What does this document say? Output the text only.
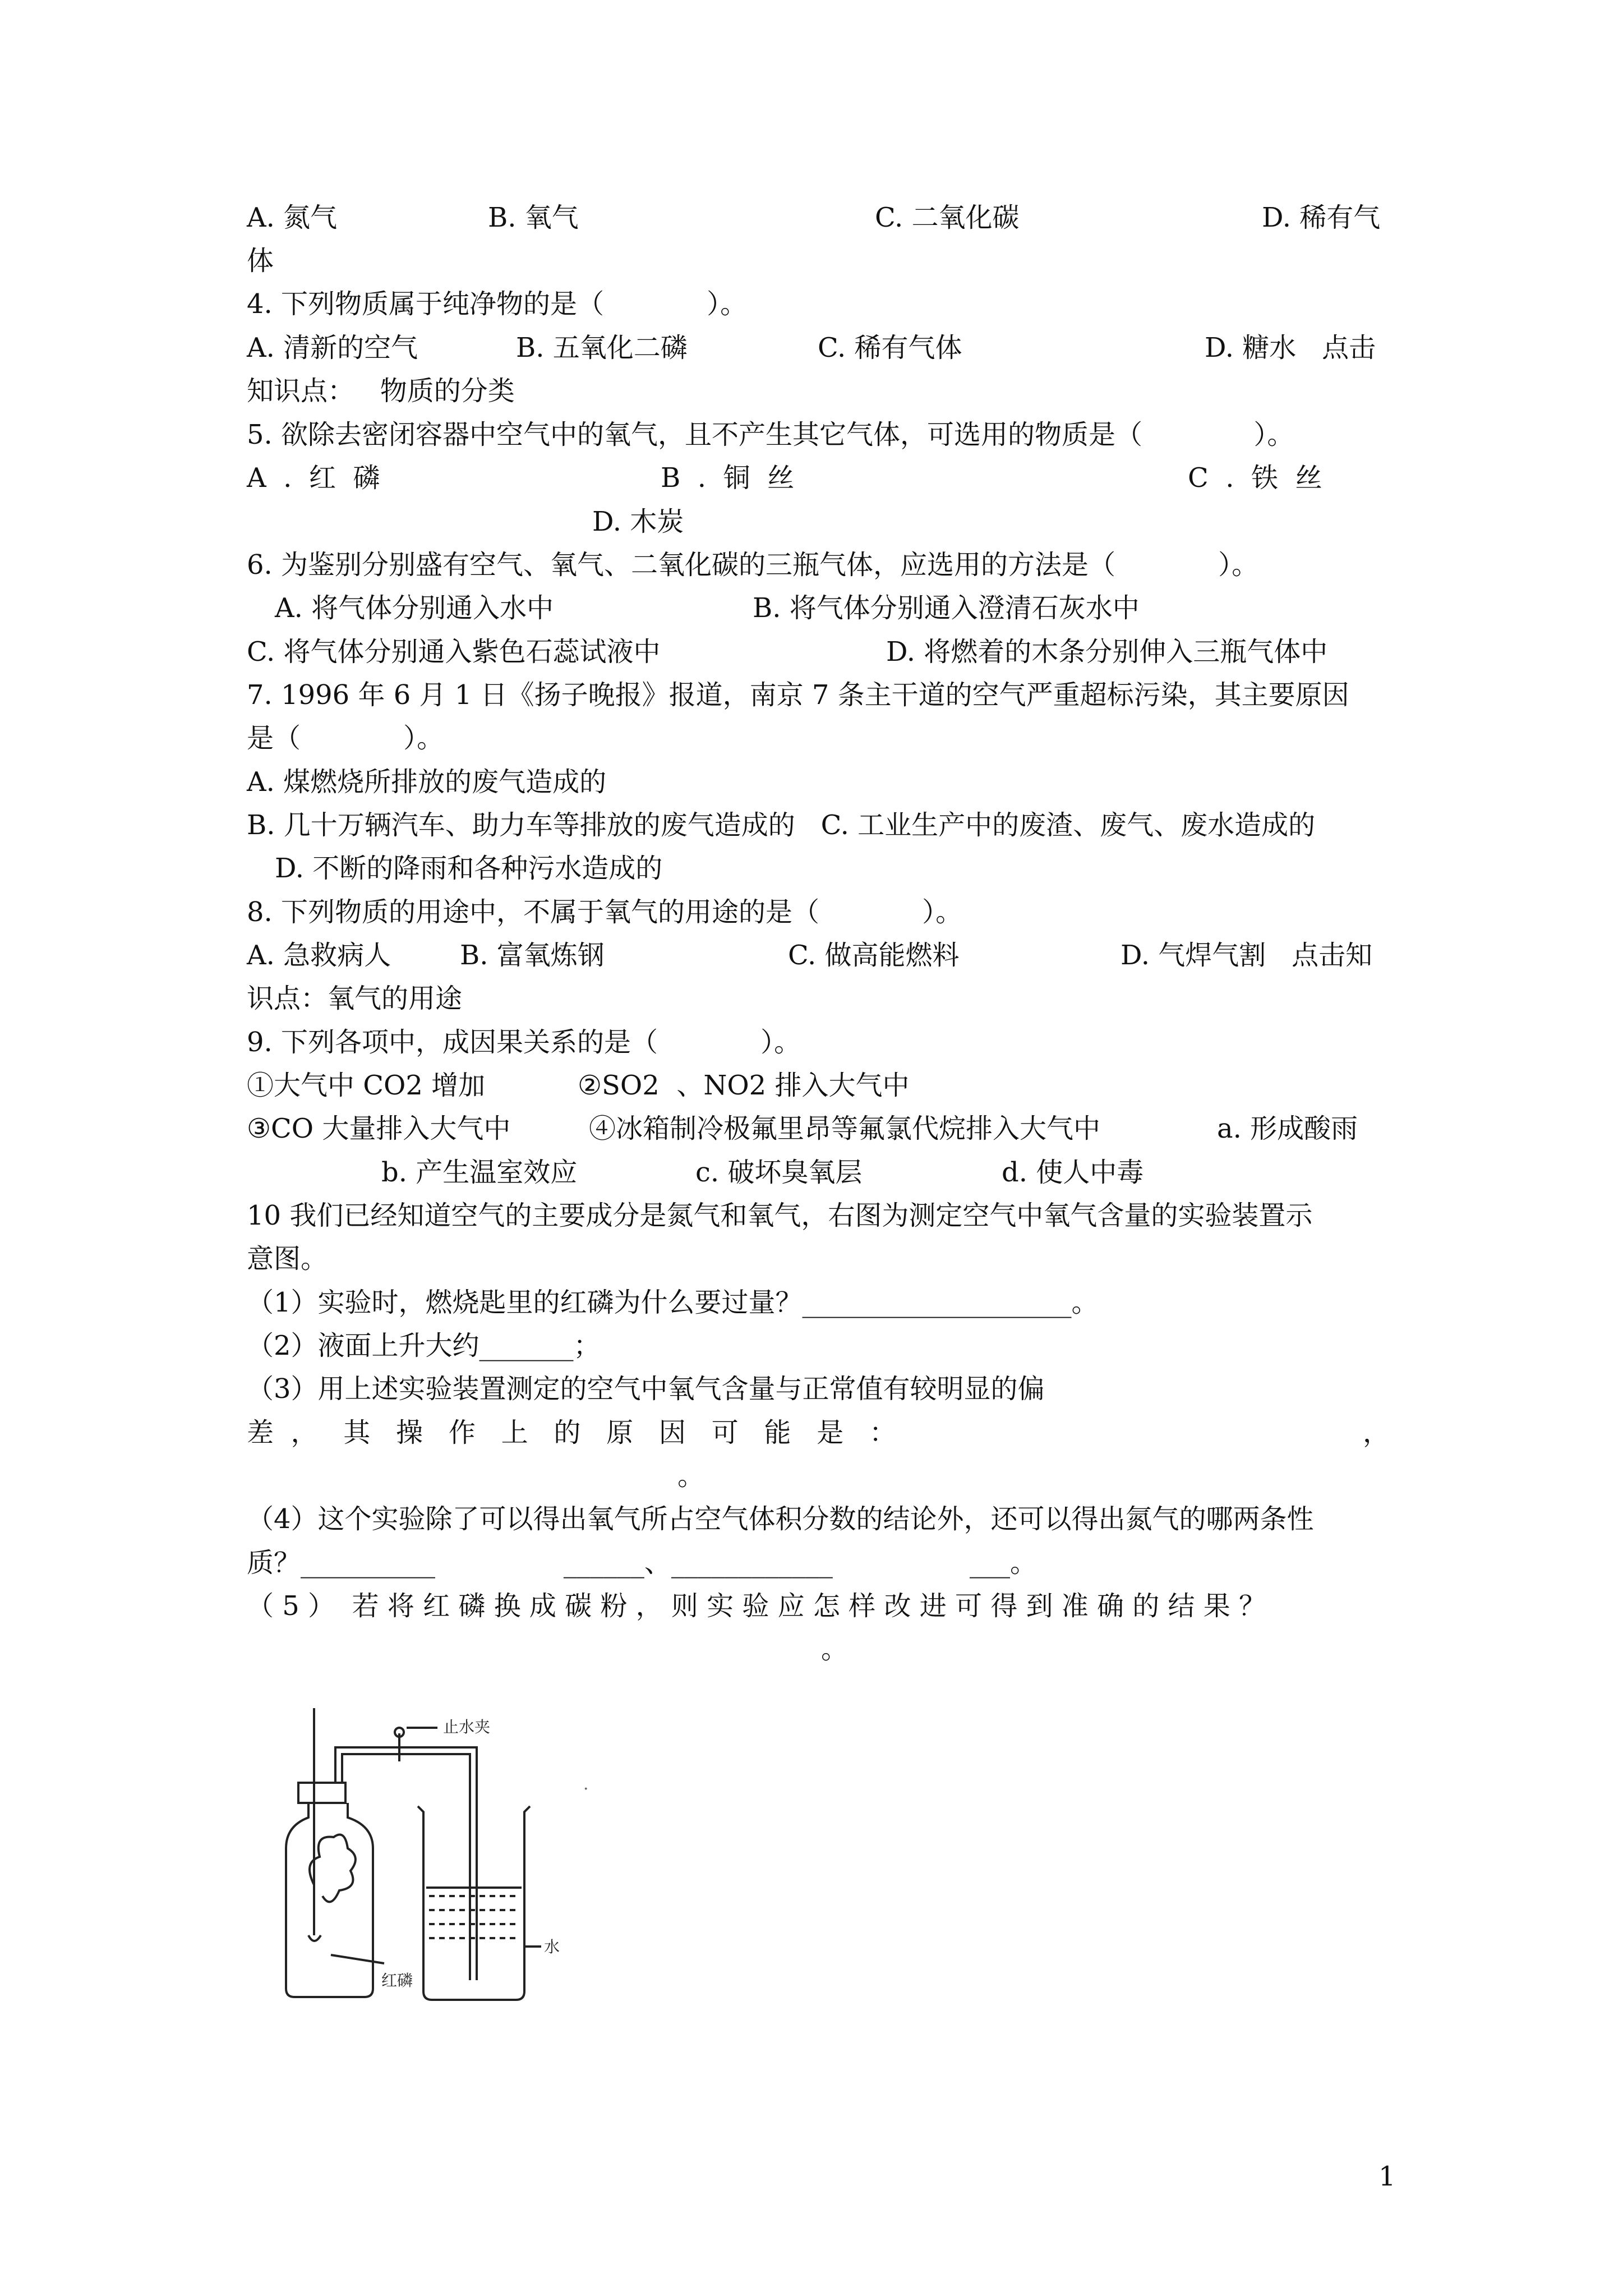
A. 氮气	B. 氧气	C. 二氧化碳	D. 稀有气
体
4. 下列物质属于纯净物的是（            ）。
A. 清新的空气	B. 五氧化二磷	C. 稀有气体	D. 糖水   点击
知识点：   物质的分类
5. 欲除去密闭容器中空气中的氧气，且不产生其它气体，可选用的物质是（             ）。
A  .  红  磷	B  .  铜  丝	C  .  铁  丝
D. 木炭
6. 为鉴别分别盛有空气、氧气、二氧化碳的三瓶气体，应选用的方法是（            ）。
A. 将气体分别通入水中	B. 将气体分别通入澄清石灰水中
C. 将气体分别通入紫色石蕊试液中	D. 将燃着的木条分别伸入三瓶气体中
7. 1996 年 6 月 1 日《扬子晚报》报道，南京 7 条主干道的空气严重超标污染，其主要原因
是（            ）。
A. 煤燃烧所排放的废气造成的
B. 几十万辆汽车、助力车等排放的废气造成的   C. 工业生产中的废渣、废气、废水造成的
D. 不断的降雨和各种污水造成的
8. 下列物质的用途中，不属于氧气的用途的是（            ）。
A. 急救病人	B. 富氧炼钢	C. 做高能燃料	D. 气焊气割   点击知
识点：氧气的用途
9. 下列各项中，成因果关系的是（            ）。
①大气中 CO2 增加	②SO2  、NO2 排入大气中
③CO 大量排入大气中	④冰箱制冷极氟里昂等氟氯代烷排入大气中	a. 形成酸雨
b. 产生温室效应	c. 破坏臭氧层	d. 使人中毒
10 我们已经知道空气的主要成分是氮气和氧气，右图为测定空气中氧气含量的实验装置示
意图。
（1）实验时，燃烧匙里的红磷为什么要过量？____________________。
（2）液面上升大约_______；
（3）用上述实验装置测定的空气中氧气含量与正常值有较明显的偏
差  ，   其   操   作   上   的   原   因   可   能   是   ：	，
。
（4）这个实验除了可以得出氧气所占空气体积分数的结论外，还可以得出氮气的哪两条性
质？__________               ______、____________                ___。
（ 5 ）  若 将 红 磷 换 成 碳 粉 ， 则 实 验 应 怎 样 改 进 可 得 到 准 确 的 结 果 ？
。
止水夹
红磷
水
·
1
